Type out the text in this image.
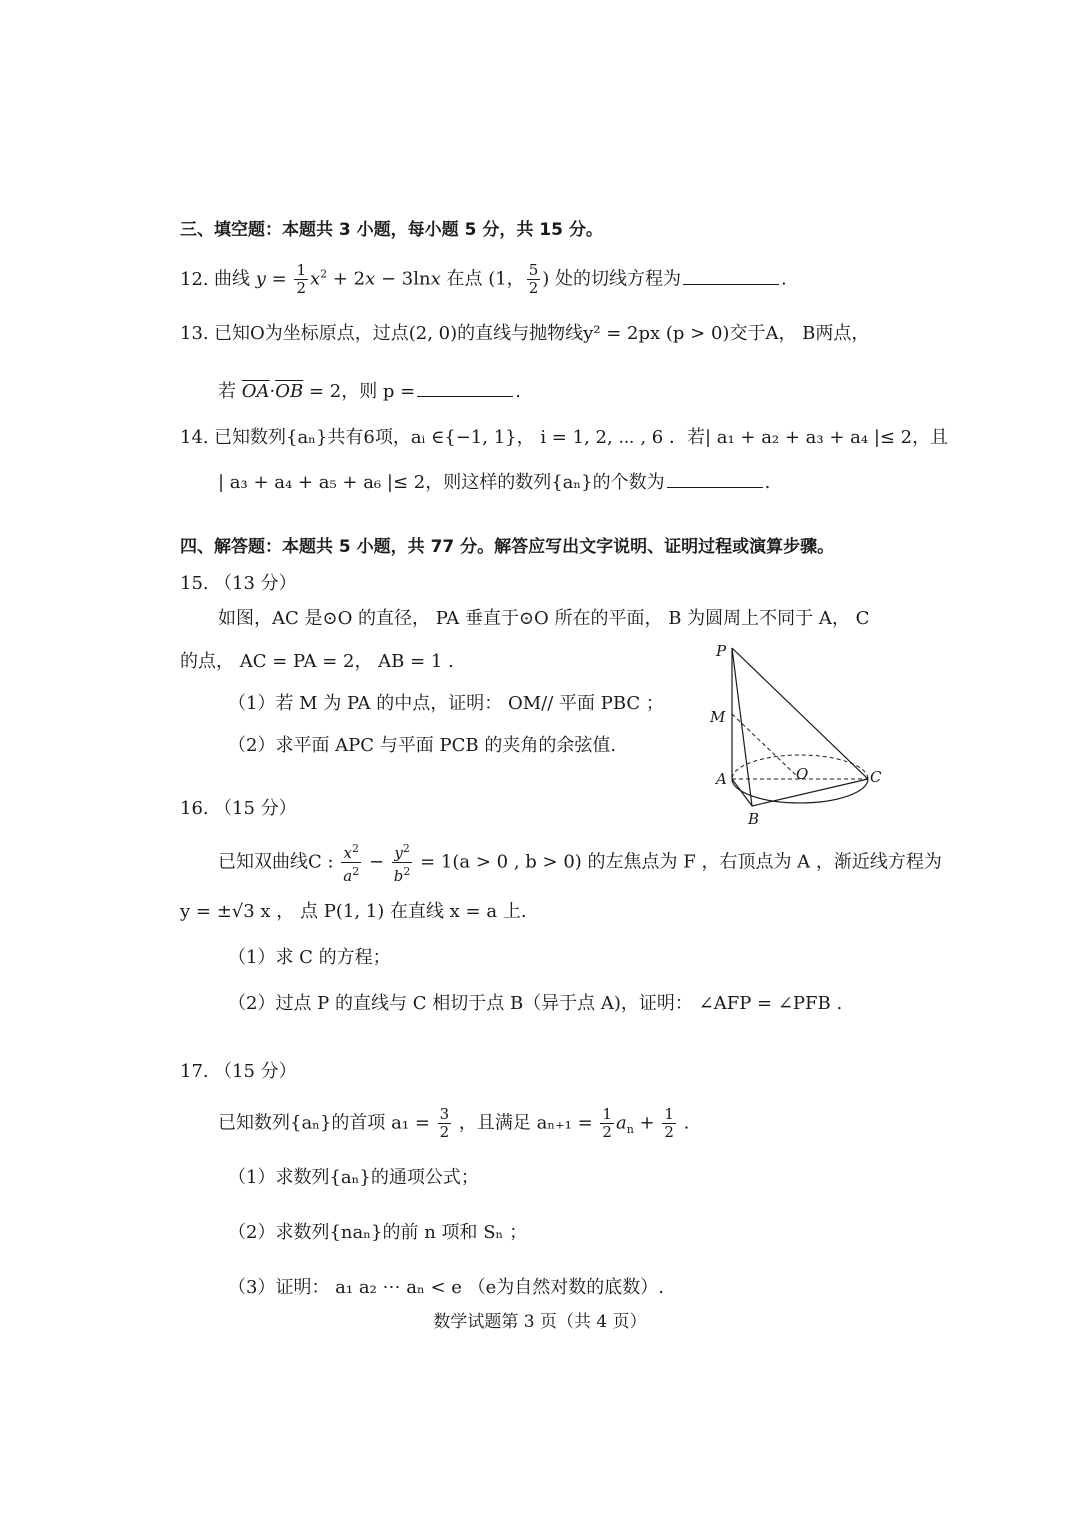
三、填空题：本题共 3 小题，每小题 5 分，共 15 分。
12. 曲线 $y = \frac{1}{2} x^2 + 2x - 3\ln x$ 在点 (1， $\frac{5}{2}$ ) 处的切线方程为	.
13. 已知O为坐标原点，过点(2, 0)的直线与抛物线y² = 2px (p > 0)交于A， B两点，
若 $\overline{OA}\cdot\overline{OB} = 2$，则 p =	.
14. 已知数列{aₙ}共有6项，aᵢ ∈{−1, 1}， i = 1, 2, ⋯ , 6 ．若| a₁ + a₂ + a₃ + a₄ |≤ 2，且
| a₃ + a₄ + a₅ + a₆ |≤ 2，则这样的数列{aₙ}的个数为	.
四、解答题：本题共 5 小题，共 77 分。解答应写出文字说明、证明过程或演算步骤。
15. （13 分）
如图，AC 是⊙O 的直径， PA 垂直于⊙O 所在的平面， B 为圆周上不同于 A， C
的点， AC = PA = 2， AB = 1 .
（1）若 M 为 PA 的中点，证明： OM// 平面 PBC ；
（2）求平面 APC 与平面 PCB 的夹角的余弦值.
P
M
A	O	C
B
16. （15 分）
已知双曲线C : $\frac{x^2}{a^2} - \frac{y^2}{b^2} = 1(a > 0$ , b > 0) 的左焦点为 F ，右顶点为 A ，渐近线方程为
y = ±√3 x ， 点 P(1, 1) 在直线 x = a 上.
（1）求 C 的方程；
（2）过点 P 的直线与 C 相切于点 B（异于点 A)，证明： ∠AFP = ∠PFB .
17. （15 分）
已知数列{aₙ}的首项 $a_1 = \frac{3}{2}$ ，且满足 $a_{n+1} = \frac{1}{2} a_n + \frac{1}{2}$ .
（1）求数列{aₙ}的通项公式；
（2）求数列{naₙ}的前 n 项和 Sₙ ；
（3）证明： a₁ a₂ ⋯ aₙ < e （e为自然对数的底数）.
数学试题第 3 页（共 4 页）
